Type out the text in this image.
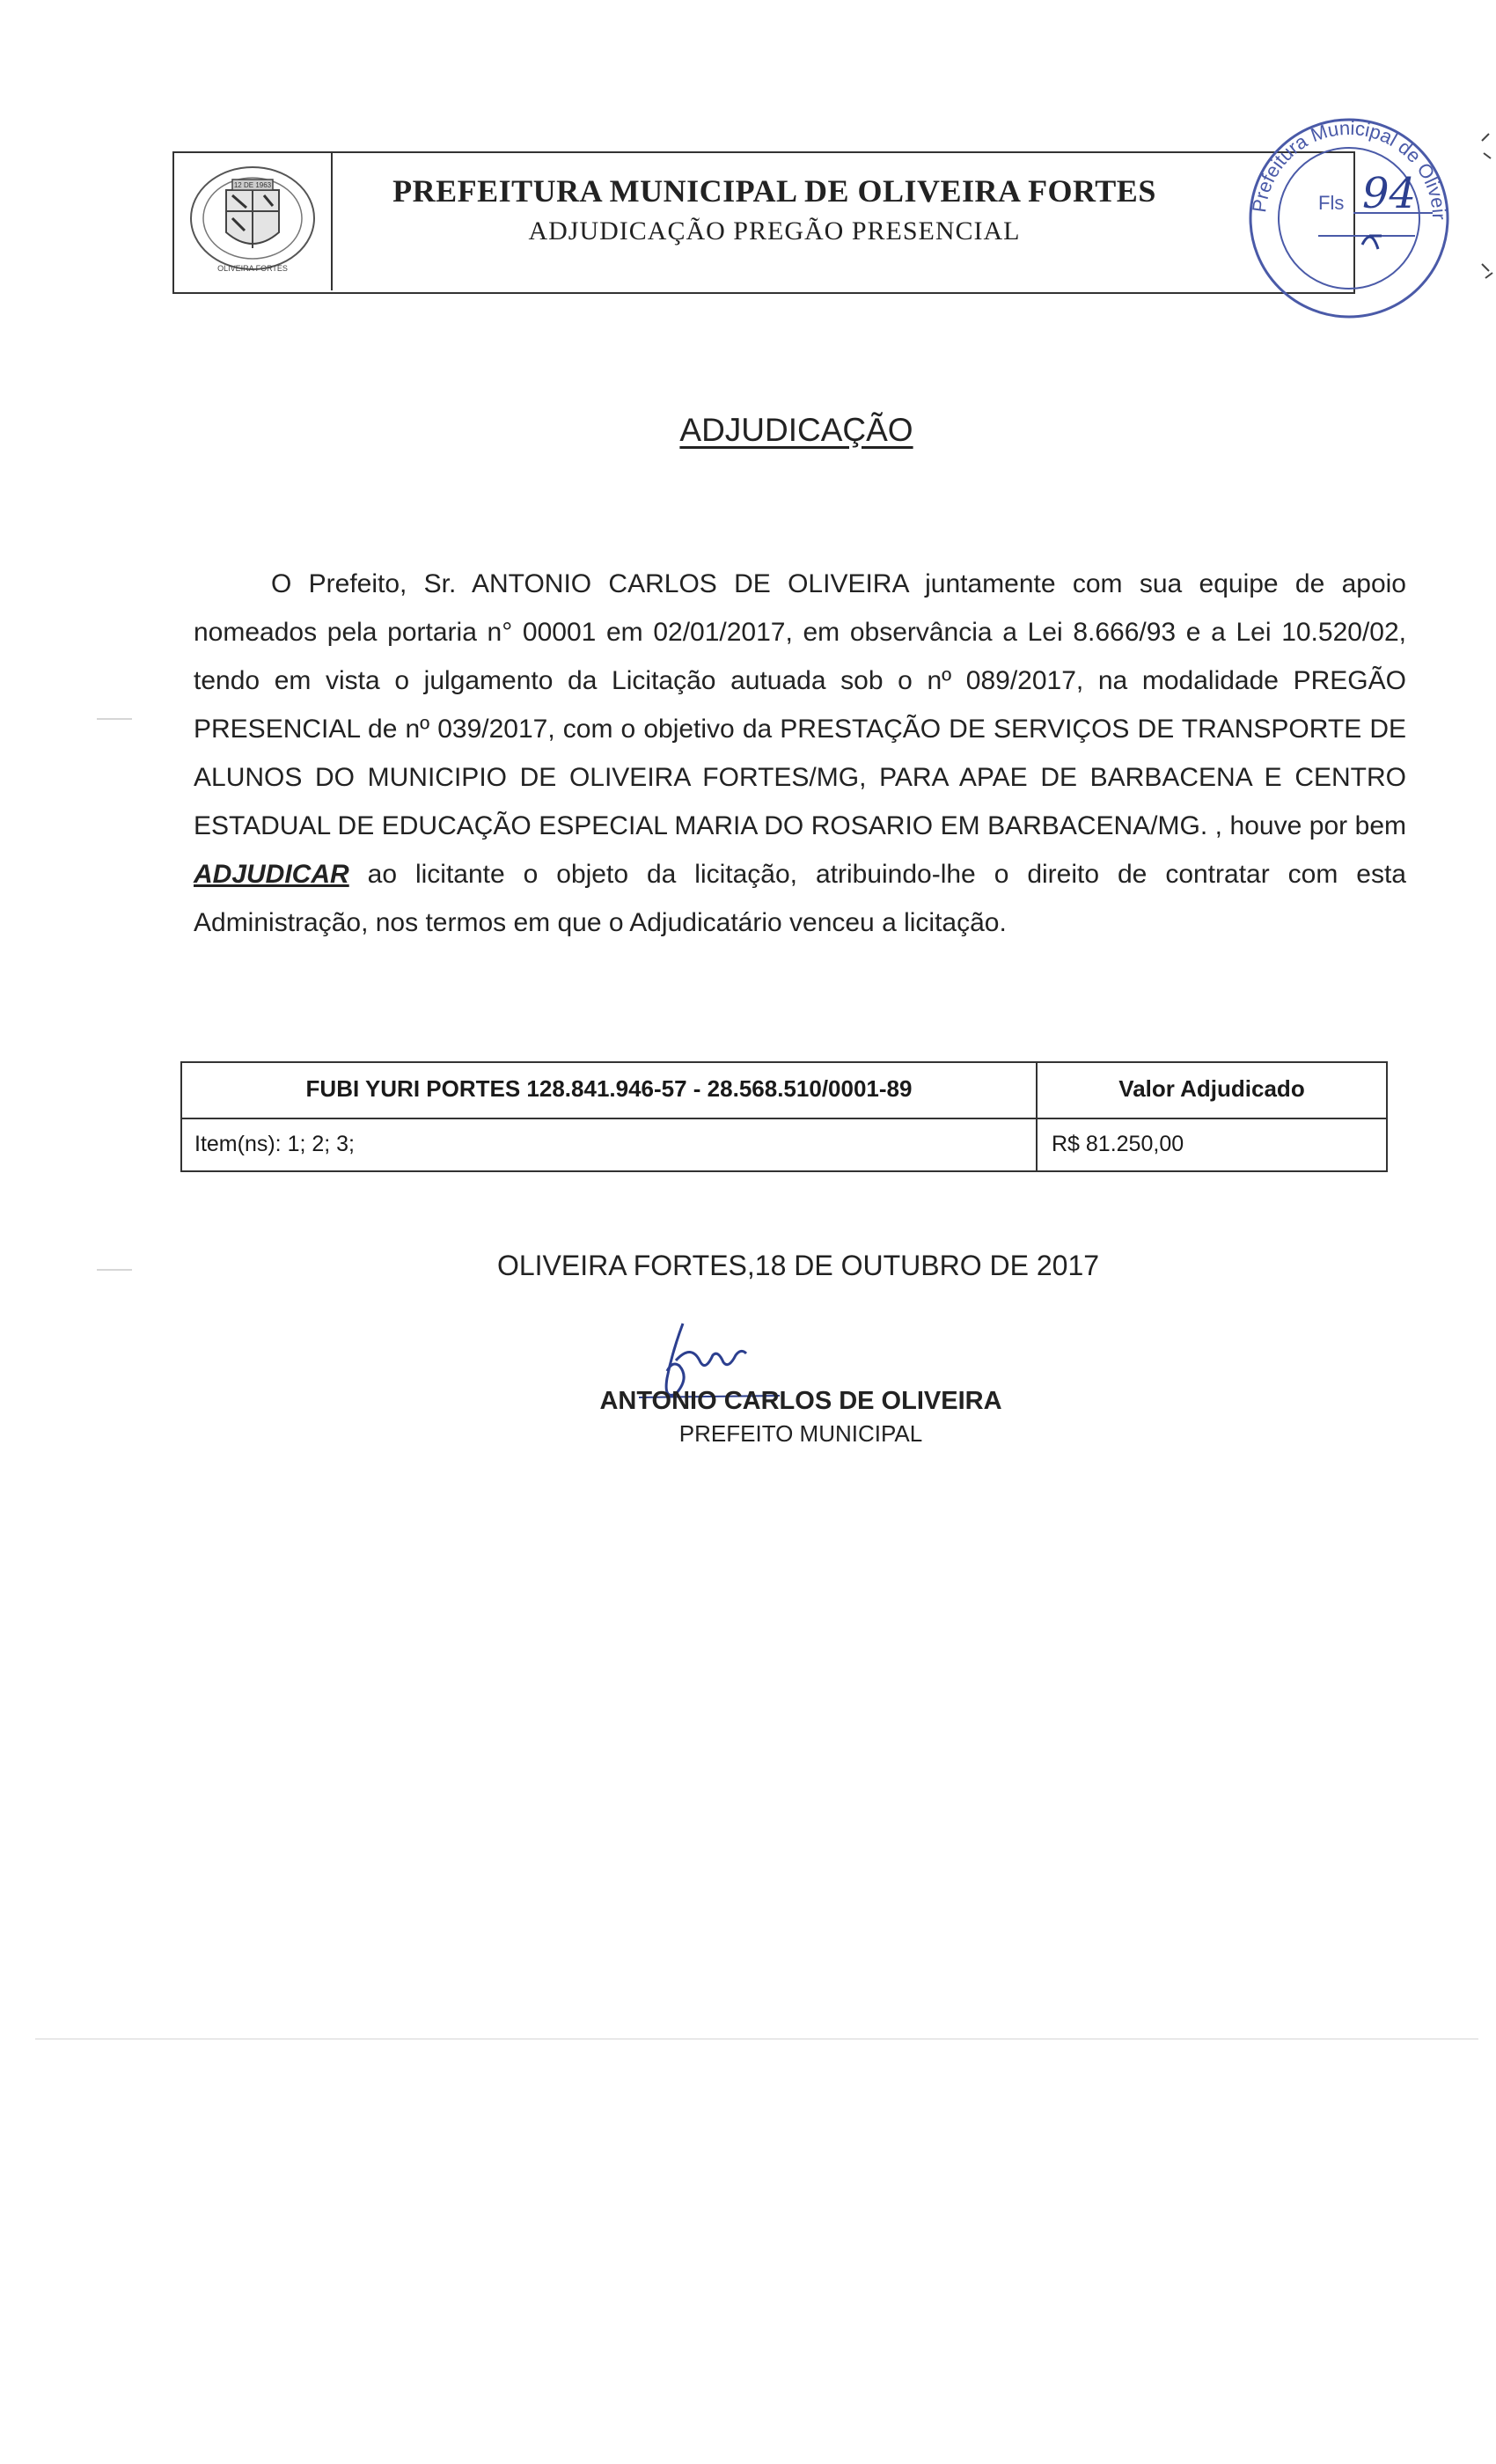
12 DE 1963
OLIVEIRA FORTES
PREFEITURA MUNICIPAL DE OLIVEIRA FORTES
ADJUDICAÇÃO PREGÃO PRESENCIAL
Prefeitura Municipal de Oliveir
Fls 94
ADJUDICAÇÃO
O Prefeito, Sr. ANTONIO CARLOS DE OLIVEIRA juntamente com sua equipe de apoio nomeados pela portaria n° 00001 em 02/01/2017, em observância a Lei 8.666/93 e a Lei 10.520/02, tendo em vista o julgamento da Licitação autuada sob o nº 089/2017, na modalidade PREGÃO PRESENCIAL de nº 039/2017, com o objetivo da PRESTAÇÃO DE SERVIÇOS DE TRANSPORTE DE ALUNOS DO MUNICIPIO DE OLIVEIRA FORTES/MG, PARA APAE DE BARBACENA E CENTRO ESTADUAL DE EDUCAÇÃO ESPECIAL MARIA DO ROSARIO EM BARBACENA/MG. , houve por bem ADJUDICAR ao licitante o objeto da licitação, atribuindo-lhe o direito de contratar com esta Administração, nos termos em que o Adjudicatário venceu a licitação.
FUBI YURI PORTES 128.841.946-57 - 28.568.510/0001-89	Valor Adjudicado
Item(ns): 1; 2; 3;	R$ 81.250,00
OLIVEIRA FORTES,18 DE OUTUBRO DE 2017
ANTONIO CARLOS DE OLIVEIRA
PREFEITO MUNICIPAL
